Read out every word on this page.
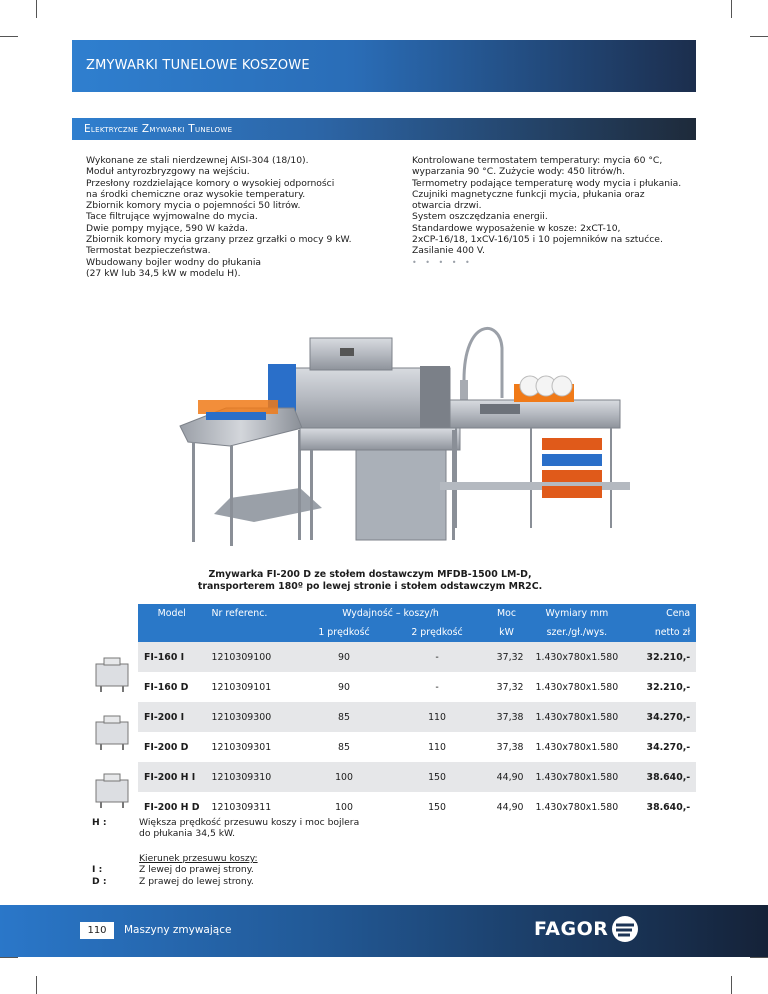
ZMYWARKI TUNELOWE KOSZOWE
Elektryczne Zmywarki Tunelowe
Wykonane ze stali nierdzewnej AISI-304 (18/10).
Moduł antyrozbryzgowy na wejściu.
Przesłony rozdzielające komory o wysokiej odporności
na środki chemiczne oraz wysokie temperatury.
Zbiornik komory mycia o pojemności 50 litrów.
Tace filtrujące wyjmowalne do mycia.
Dwie pompy myjące, 590 W każda.
Zbiornik komory mycia grzany przez grzałki o mocy 9 kW.
Termostat bezpieczeństwa.
Wbudowany bojler wodny do płukania
(27 kW lub 34,5 kW w modelu H).
Kontrolowane termostatem temperatury: mycia 60 °C,
wyparzania 90 °C. Zużycie wody: 450 litrów/h.
Termometry podające temperaturę wody mycia i płukania.
Czujniki magnetyczne funkcji mycia, płukania oraz
otwarcia drzwi.
System oszczędzania energii.
Standardowe wyposażenie w kosze: 2xCT-10,
2xCP-16/18, 1xCV-16/105 i 10 pojemników na sztućce.
Zasilanie 400 V.
• • • • •
Zmywarka FI-200 D ze stołem dostawczym MFDB-1500 LM-D,
transporterem 180º po lewej stronie i stołem odstawczym MR2C.
Model	Nr referenc.	Wydajność – koszy/h		Moc	Wymiary mm	Cena
		1 prędkość	2 prędkość	kW	szer./gł./wys.	netto zł
FI-160 I	1210309100	90	-	37,32	1.430x780x1.580	32.210,-
FI-160 D	1210309101	90	-	37,32	1.430x780x1.580	32.210,-
FI-200 I	1210309300	85	110	37,38	1.430x780x1.580	34.270,-
FI-200 D	1210309301	85	110	37,38	1.430x780x1.580	34.270,-
FI-200 H I	1210309310	100	150	44,90	1.430x780x1.580	38.640,-
FI-200 H D	1210309311	100	150	44,90	1.430x780x1.580	38.640,-
H :	Większa prędkość przesuwu koszy i moc bojlera
do płukania 34,5 kW.
Kierunek przesuwu koszy:
I :	Z lewej do prawej strony.
D :	Z prawej do lewej strony.
110	Maszyny zmywające	FAGOR
